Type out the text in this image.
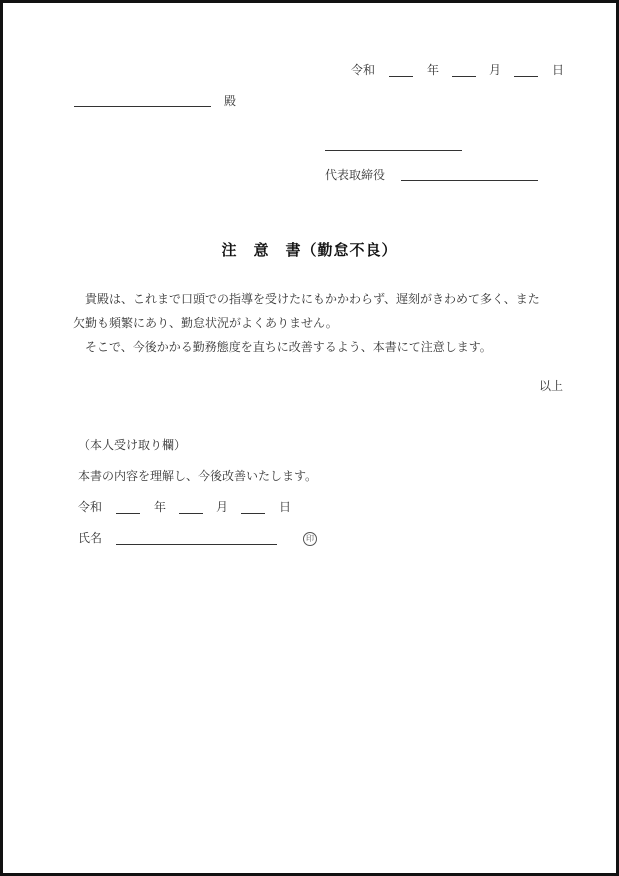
令和	年	月	日
殿
代表取締役
注　意　書（勤怠不良）

貴殿は、これまで口頭での指導を受けたにもかかわらず、遅刻がきわめて多く、また欠勤も頻繁にあり、勤怠状況がよくありません。

そこで、今後かかる勤務態度を直ちに改善するよう、本書にて注意します。

以上
（本人受け取り欄）
本書の内容を理解し、今後改善いたします。
令和	年	月	日
氏名	印
